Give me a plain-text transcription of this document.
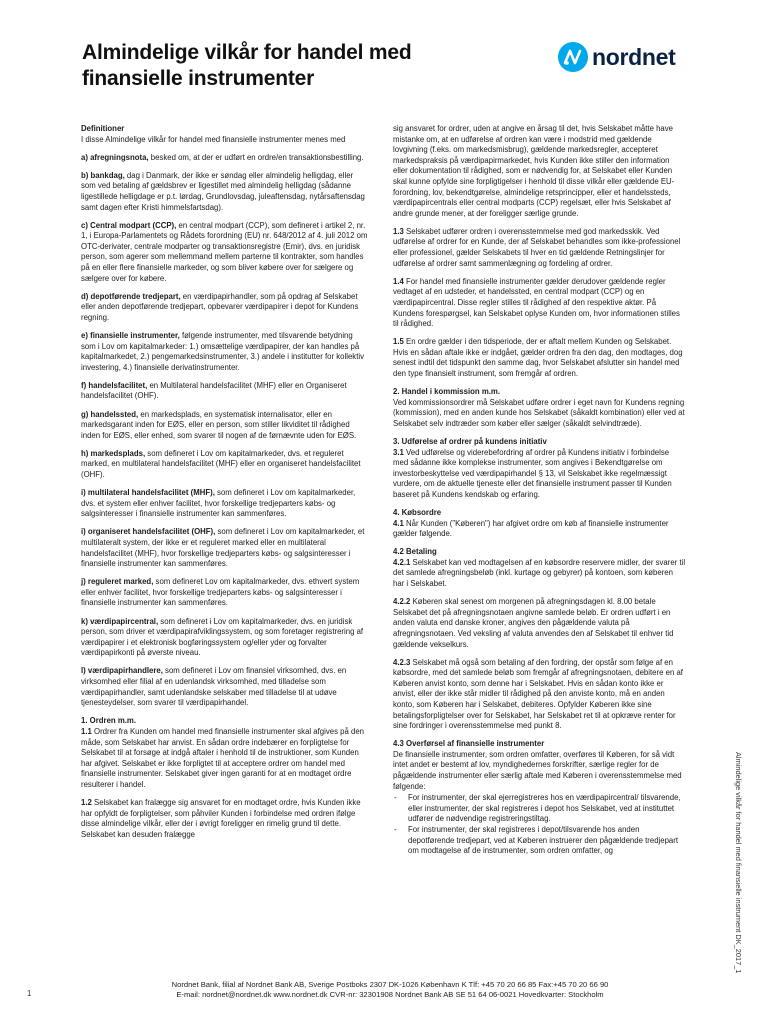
Almindelige vilkår for handel med
finansielle instrumenter
nordnet

Definitioner

I disse Almindelige vilkår for handel med finansielle instrumenter menes med

a) afregningsnota, besked om, at der er udført en ordre/en transaktionsbestilling.

b) bankdag, dag i Danmark, der ikke er søndag eller almindelig helligdag, eller som ved betaling af gældsbrev er ligestillet med almindelig helligdag (sådanne ligestillede helligdage er p.t. lørdag, Grundlovsdag, juleaftensdag, nytårsaftensdag samt dagen efter Kristi himmelsfartsdag).

c) Central modpart (CCP), en central modpart (CCP), som defineret i artikel 2, nr. 1, i Europa-Parlamentets og Rådets forordning (EU) nr. 648/2012 af 4. juli 2012 om OTC-derivater, centrale modparter og transaktionsregistre (Emir), dvs. en juridisk person, som agerer som mellemmand mellem parterne til kontrakter, som handles på en eller flere finansielle markeder, og som bliver købere over for sælgere og sælgere over for købere.

d) depotførende tredjepart, en værdipapirhandler, som på opdrag af Selskabet eller anden depotførende tredjepart, opbevarer værdipapirer i depot for Kundens regning.

e) finansielle instrumenter, følgende instrumenter, med tilsvarende betydning som i Lov om kapitalmarkeder: 1.) omsættelige værdipapirer, der kan handles på kapitalmarkedet, 2.) pengemarkedsinstrumenter, 3.) andele i institutter for kollektiv investering, 4.) finansielle derivatinstrumenter.

f) handelsfacilitet, en Multilateral handelsfacilitet (MHF) eller en Organiseret handelsfacilitet (OHF).

g) handelssted, en markedsplads, en systematisk internalisator, eller en markedsgarant inden for EØS, eller en person, som stiller likviditet til rådighed inden for EØS, eller enhed, som svarer til nogen af de førnævnte uden for EØS.

h) markedsplads, som defineret i Lov om kapitalmarkeder, dvs. et reguleret marked, en multilateral handelsfacilitet (MHF) eller en organiseret handelsfacilitet (OHF).

i) multilateral handelsfacilitet (MHF), som defineret i Lov om kapitalmarkeder, dvs. et system eller enhver facilitet, hvor forskellige tredjeparters købs- og salgsinteresser i finansielle instrumenter kan sammenføres.

i) organiseret handelsfacilitet (OHF), som defineret i Lov om kapitalmarkeder, et multilateralt system, der ikke er et reguleret marked eller en multilateral handelsfacilitet (MHF), hvor forskellige tredjeparters købs- og salgsinteresser i finansielle instrumenter kan sammenføres.

j) reguleret marked, som defineret Lov om kapitalmarkeder, dvs. ethvert system eller enhver facilitet, hvor forskellige tredjeparters købs- og salgsinteresser i finansielle instrumenter kan sammenføres.

k) værdipapircentral, som defineret i Lov om kapitalmarkeder, dvs. en juridisk person, som driver et værdipapirafviklingssystem, og som foretager registrering af værdipapirer i et elektronisk bogføringssystem og/eller yder og forvalter værdipapirkonti på øverste niveau.

l) værdipapirhandlere, som defineret i Lov om finansiel virksomhed, dvs. en virksomhed eller filial af en udenlandsk virksomhed, med tilladelse som værdipapirhandler, samt udenlandske selskaber med tilladelse til at udøve tjenesteydelser, som svarer til værdipapirhandel.

1. Ordren m.m.

1.1 Ordrer fra Kunden om handel med finansielle instrumenter skal afgives på den måde, som Selskabet har anvist. En sådan ordre indebærer en forpligtelse for Selskabet til at forsøge at indgå aftaler i henhold til de instruktioner, som Kunden har afgivet. Selskabet er ikke forpligtet til at acceptere ordrer om handel med finansielle instrumenter. Selskabet giver ingen garanti for at en modtaget ordre resulterer i handel.

1.2 Selskabet kan fralægge sig ansvaret for en modtaget ordre, hvis Kunden ikke har opfyldt de forpligtelser, som påhviler Kunden i forbindelse med ordren ifølge disse almindelige vilkår, eller der i øvrigt foreligger en rimelig grund til dette. Selskabet kan desuden fralægge

sig ansvaret for ordrer, uden at angive en årsag til det, hvis Selskabet måtte have mistanke om, at en udførelse af ordren kan være i modstrid med gældende lovgivning (f.eks. om markedsmisbrug), gældende markedsregler, accepteret markedspraksis på værdipapirmarkedet, hvis Kunden ikke stiller den information eller dokumentation til rådighed, som er nødvendig for, at Selskabet eller Kunden skal kunne opfylde sine forpligtigelser i henhold til disse vilkår eller gældende EU-forordning, lov, bekendtgørelse, almindelige retsprincipper, eller et handelssteds, værdipapircentrals eller central modparts (CCP) regelsæt, eller hvis Selskabet af andre grunde mener, at der foreligger særlige grunde.

1.3 Selskabet udfører ordren i overensstemmelse med god markedsskik. Ved udførelse af ordrer for en Kunde, der af Selskabet behandles som ikke-professionel eller professionel, gælder Selskabets til hver en tid gældende Retningslinjer for udførelse af ordrer samt sammenlægning og fordeling af ordrer.

1.4 For handel med finansielle instrumenter gælder derudover gældende regler vedtaget af en udsteder, et handelssted, en central modpart (CCP) og en værdipapircentral. Disse regler stilles til rådighed af den respektive aktør. På Kundens forespørgsel, kan Selskabet oplyse Kunden om, hvor informationen stilles til rådighed.

1.5 En ordre gælder i den tidsperiode, der er aftalt mellem Kunden og Selskabet. Hvis en sådan aftale ikke er indgået, gælder ordren fra den dag, den modtages, dog senest indtil det tidspunkt den samme dag, hvor Selskabet afslutter sin handel med den type finansielt instrument, som fremgår af ordren.

2. Handel i kommission m.m.

Ved kommissionsordrer må Selskabet udføre ordrer i eget navn for Kundens regning (kommission), med en anden kunde hos Selskabet (såkaldt kombination) eller ved at Selskabet selv indtræder som køber eller sælger (såkaldt selvindtræde).

3. Udførelse af ordrer på kundens initiativ

3.1 Ved udførelse og viderebefordring af ordrer på Kundens initiativ i forbindelse med sådanne ikke komplekse instrumenter, som angives i Bekendtgørelse om investorbeskyttelse ved værdipapirhandel § 13, vil Selskabet ikke regelmæssigt vurdere, om de aktuelle tjeneste eller det finansielle instrument passer til Kunden baseret på Kundens kendskab og erfaring.

4. Købsordre

4.1 Når Kunden ("Køberen") har afgivet ordre om køb af finansielle instrumenter gælder følgende.

4.2 Betaling

4.2.1 Selskabet kan ved modtagelsen af en købsordre reservere midler, der svarer til det samlede afregningsbeløb (inkl. kurtage og gebyrer) på kontoen, som køberen har i Selskabet.

4.2.2 Køberen skal senest om morgenen på afregningsdagen kl. 8.00 betale Selskabet det på afregningsnotaen angivne samlede beløb. Er ordren udført i en anden valuta end danske kroner, angives den pågældende valuta på afregningsnotaen. Ved veksling af valuta anvendes den af Selskabet til enhver tid gældende vekselkurs.

4.2.3 Selskabet må også som betaling af den fordring, der opstår som følge af en købsordre, med det samlede beløb som fremgår af afregningsnotaen, debitere en af Køberen anvist konto, som denne har i Selskabet. Hvis en sådan konto ikke er anvist, eller der ikke står midler til rådighed på den anviste konto, må en anden konto, som Køberen har i Selskabet, debiteres. Opfylder Køberen ikke sine betalingsforpligtelser over for Selskabet, har Selskabet ret til at opkræve renter for sine fordringer i overensstemmelse med punkt 8.

4.3 Overførsel af finansielle instrumenter

De finansielle instrumenter, som ordren omfatter, overføres til Køberen, for så vidt intet andet er bestemt af lov, myndighedernes forskrifter, særlige regler for de pågældende instrumenter eller særlig aftale med Køberen i overensstemmelse med følgende:

- For instrumenter, der skal ejerregistreres hos en værdipapircentral/ tilsvarende, eller instrumenter, der skal registreres i depot hos Selskabet, ved at instituttet udfører de nødvendige registreringstiltag.
- For instrumenter, der skal registreres i depot/tilsvarende hos anden depotførende tredjepart, ved at Køberen instruerer den pågældende tredjepart om modtagelse af de instrumenter, som ordren omfatter, og	Almindelige vilkår for handel med finansielle instrument DK_2017_1
1
Nordnet Bank, filial af Nordnet Bank AB, Sverige Postboks 2307 DK-1026 København K Tlf: +45 70 20 66 85 Fax:+45 70 20 66 90
E-mail: nordnet@nordnet.dk www.nordnet.dk CVR-nr: 32301908 Nordnet Bank AB SE 51 64 06-0021 Hovedkvarter: Stockholm
